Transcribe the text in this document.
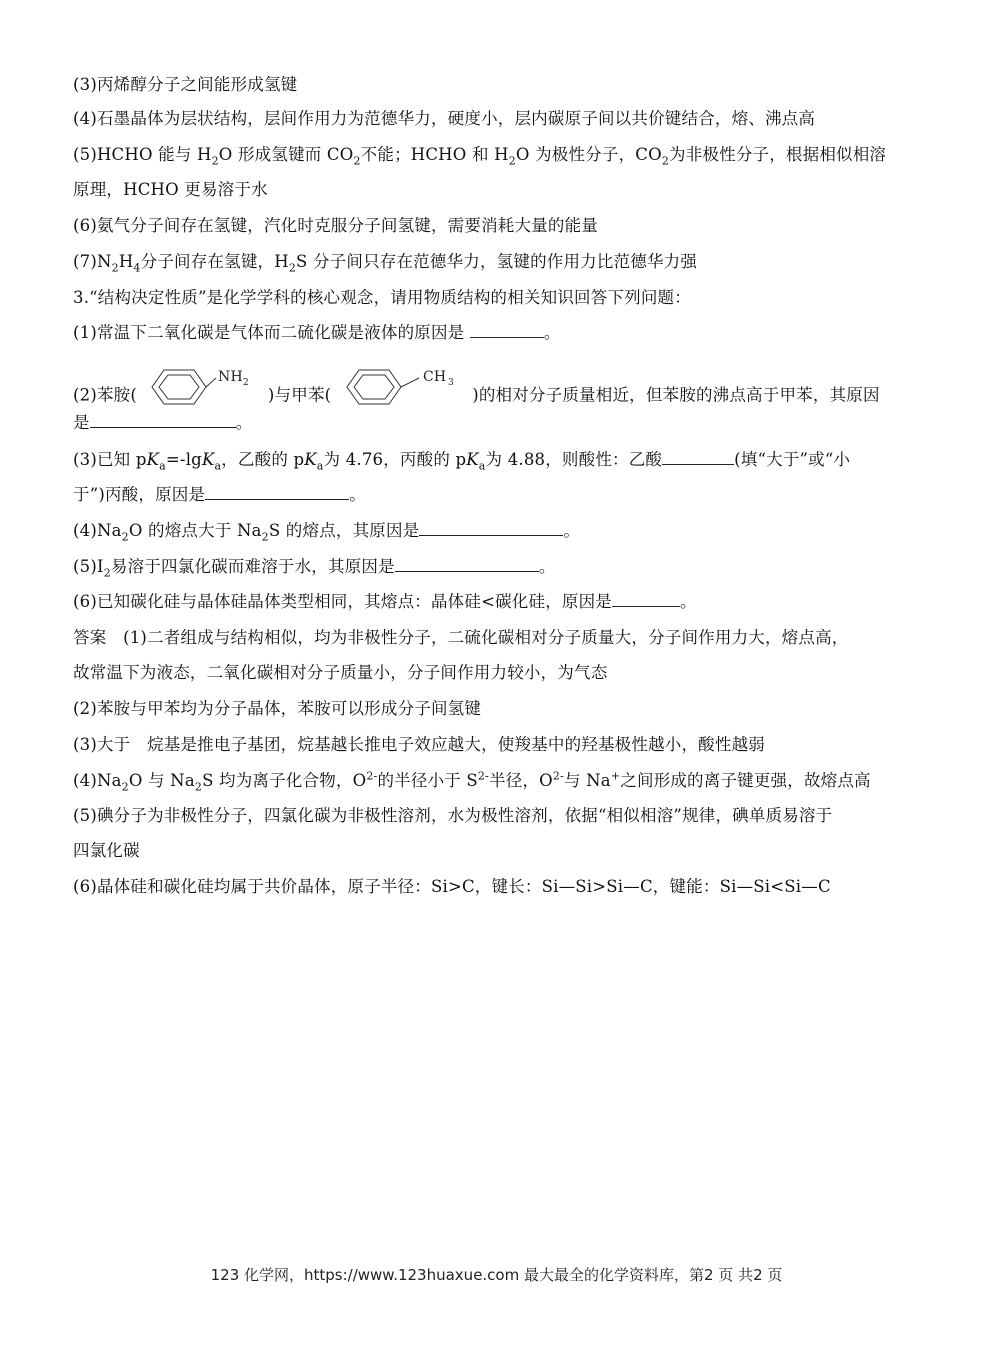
(3)丙烯醇分子之间能形成氢键
(4)石墨晶体为层状结构，层间作用力为范德华力，硬度小，层内碳原子间以共价键结合，熔、沸点高
(5)HCHO 能与 $H_2O$ 形成氢键而 $CO_2$不能；HCHO 和 $H_2O$ 为极性分子，$CO_2$为非极性分子，根据相似相溶
原理，HCHO 更易溶于水
(6)氨气分子间存在氢键，汽化时克服分子间氢键，需要消耗大量的能量
$(7)N_2H_4$分子间存在氢键，$H_2S$ 分子间只存在范德华力，氢键的作用力比范德华力强
3.“结构决定性质”是化学学科的核心观念，请用物质结构的相关知识回答下列问题：
(1)常温下二氧化碳是气体而二硫化碳是液体的原因是	。
(2)苯胺(
NH 2
)与甲苯(
CH 3
)的相对分子质量相近，但苯胺的沸点高于甲苯，其原因
是	。
(3)已知 $pK_a=-\lg K_a$，乙酸的 $pK_a$为 4.76，丙酸的 $pK_a$为 4.88，则酸性：乙酸	(填“大于”或“小
于”)丙酸，原因是	。
$(4)Na_2O$ 的熔点大于 $Na_2S$ 的熔点，其原因是	。
$(5)I_2$易溶于四氯化碳而难溶于水，其原因是	。
(6)已知碳化硅与晶体硅晶体类型相同，其熔点：晶体硅<碳化硅，原因是	。
答案　(1)二者组成与结构相似，均为非极性分子，二硫化碳相对分子质量大，分子间作用力大，熔点高，
故常温下为液态，二氧化碳相对分子质量小，分子间作用力较小，为气态
(2)苯胺与甲苯均为分子晶体，苯胺可以形成分子间氢键
(3)大于　烷基是推电子基团，烷基越长推电子效应越大，使羧基中的羟基极性越小，酸性越弱
$(4)Na_2O$ 与 $Na_2S$ 均为离子化合物，$O^{2-}$的半径小于 $S^{2-}$半径，$O^{2-}$与 Na+之间形成的离子键更强，故熔点高
(5)碘分子为非极性分子，四氯化碳为非极性溶剂，水为极性溶剂，依据“相似相溶”规律，碘单质易溶于
四氯化碳
(6)晶体硅和碳化硅均属于共价晶体，原子半径：Si>C，键长：Si—Si>Si—C，键能：Si—Si<Si—C
123 化学网，https://www.123huaxue.com 最大最全的化学资料库，第2 页 共2 页
